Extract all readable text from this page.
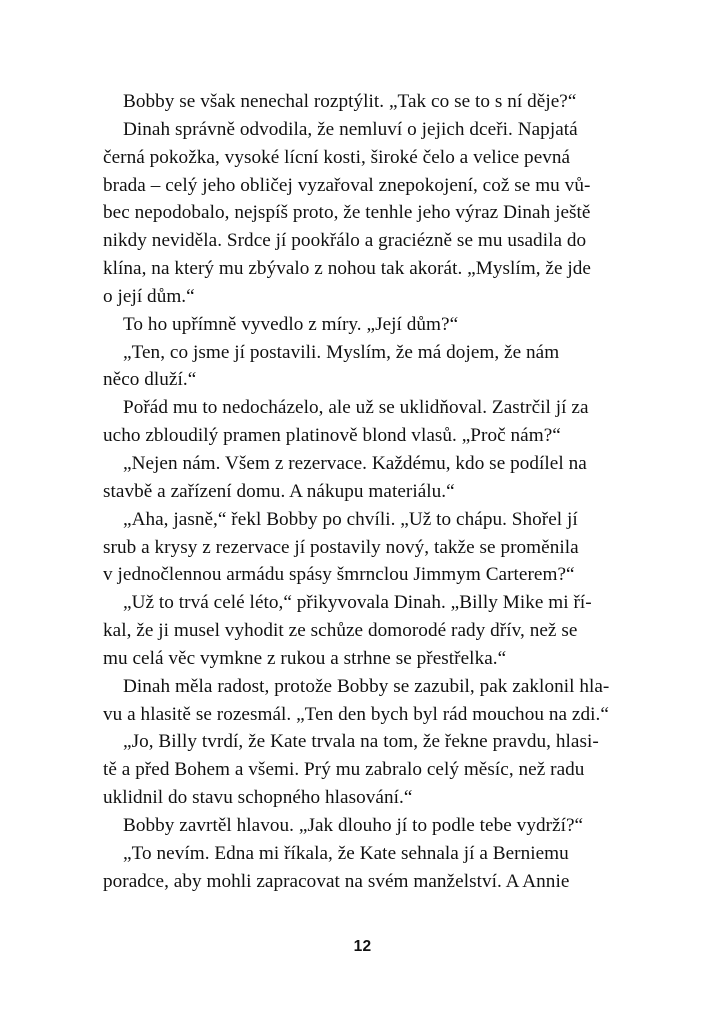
Bobby se však nenechal rozptýlit. „Tak co se to s ní děje?“

Dinah správně odvodila, že nemluví o jejich dceři. Napjatá
černá pokožka, vysoké lícní kosti, široké čelo a velice pevná
brada – celý jeho obličej vyzařoval znepokojení, což se mu vů-
bec nepodobalo, nejspíš proto, že tenhle jeho výraz Dinah ještě
nikdy neviděla. Srdce jí pookřálo a graciézně se mu usadila do
klína, na který mu zbývalo z nohou tak akorát. „Myslím, že jde
o její dům.“

To ho upřímně vyvedlo z míry. „Její dům?“

„Ten, co jsme jí postavili. Myslím, že má dojem, že nám
něco dluží.“

Pořád mu to nedocházelo, ale už se uklidňoval. Zastrčil jí za
ucho zbloudilý pramen platinově blond vlasů. „Proč nám?“

„Nejen nám. Všem z rezervace. Každému, kdo se podílel na
stavbě a zařízení domu. A nákupu materiálu.“

„Aha, jasně,“ řekl Bobby po chvíli. „Už to chápu. Shořel jí
srub a krysy z rezervace jí postavily nový, takže se proměnila
v jednočlennou armádu spásy šmrnclou Jimmym Carterem?“

„Už to trvá celé léto,“ přikyvovala Dinah. „Billy Mike mi ří-
kal, že ji musel vyhodit ze schůze domorodé rady dřív, než se
mu celá věc vymkne z rukou a strhne se přestřelka.“

Dinah měla radost, protože Bobby se zazubil, pak zaklonil hla-
vu a hlasitě se rozesmál. „Ten den bych byl rád mouchou na zdi.“

„Jo, Billy tvrdí, že Kate trvala na tom, že řekne pravdu, hlasi-
tě a před Bohem a všemi. Prý mu zabralo celý měsíc, než radu
uklidnil do stavu schopného hlasování.“

Bobby zavrtěl hlavou. „Jak dlouho jí to podle tebe vydrží?“

„To nevím. Edna mi říkala, že Kate sehnala jí a Berniemu
poradce, aby mohli zapracovat na svém manželství. A Annie

12
